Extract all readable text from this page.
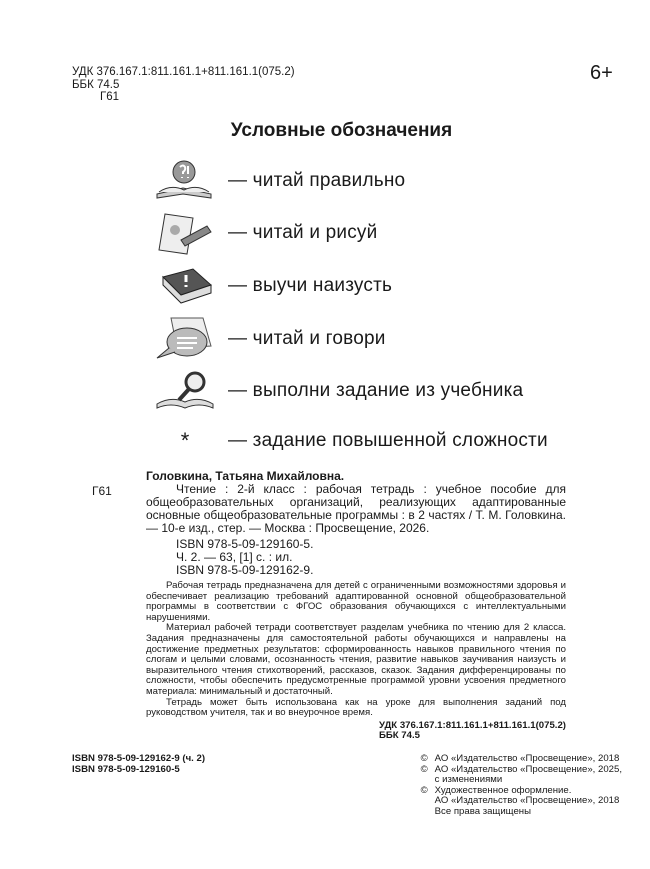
УДК 376.167.1:811.161.1+811.161.1(075.2)
ББК 74.5
Г61
6+
Условные обозначения
— читай правильно
— читай и рисуй
— выучи наизусть
— читай и говори
— выполни задание из учебника
*	— задание повышенной сложности
Г61
Головкина, Татьяна Михайловна.
Чтение : 2-й класс : рабочая тетрадь : учебное пособие для общеобразовательных организаций, реализующих адаптированные основные общеобразовательные программы : в 2 частях / Т. М. Головкина. — 10-е изд., стер. — Москва : Просвещение, 2026.
ISBN 978-5-09-129160-5.
Ч. 2. — 63, [1] с. : ил.
ISBN 978-5-09-129162-9.

Рабочая тетрадь предназначена для детей с ограниченными возможностями здоровья и обеспечивает реализацию требований адаптированной основной общеобразовательной программы в соответствии с ФГОС образования обучающихся с интеллектуальными нарушениями.

Материал рабочей тетради соответствует разделам учебника по чтению для 2 класса. Задания предназначены для самостоятельной работы обучающихся и направлены на достижение предметных результатов: сформированность навыков правильного чтения по слогам и целыми словами, осознанность чтения, развитие навыков заучивания наизусть и выразительного чтения стихотворений, рассказов, сказок. Задания дифференцированы по сложности, чтобы обеспечить предусмотренные программой уровни усвоения предметного материала: минимальный и достаточный.

Тетрадь может быть использована как на уроке для выполнения заданий под руководством учителя, так и во внеурочное время.

УДК 376.167.1:811.161.1+811.161.1(075.2)
ББК 74.5
ISBN 978-5-09-129162-9 (ч. 2)
ISBN 978-5-09-129160-5
© АО «Издательство «Просвещение», 2018
© АО «Издательство «Просвещение», 2025,
с изменениями
© Художественное оформление.
АО «Издательство «Просвещение», 2018
Все права защищены
